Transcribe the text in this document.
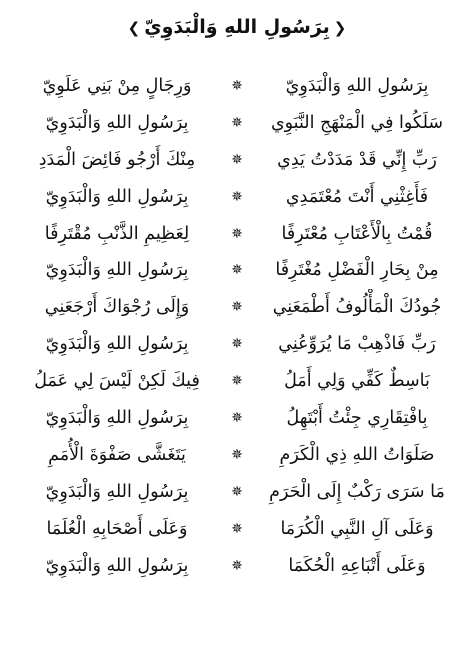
❮بِرَسُولِ اللهِ وَالْبَدَوِيّ❯
بِرَسُولِ اللهِ وَالْبَدَوِيّ
✵
وَرِجَالٍ مِنْ بَنِي عَلَوِيّ
سَلَكُوا فِي الْمَنْهَجِ النَّبَوِي
✵
بِرَسُولِ اللهِ وَالْبَدَوِيّ
رَبِّ إِنِّي قَدْ مَدَدْتُ يَدِي
✵
مِنْكَ أَرْجُو فَائِضَ الْمَدَدِ
فَأَغِثْنِي أَنْتَ مُعْتَمَدِي
✵
بِرَسُولِ اللهِ وَالْبَدَوِيّ
قُمْتُ بِالْأَعْتَابِ مُعْتَرِفًا
✵
لِعَظِيمِ الذَّنْبِ مُقْتَرِفًا
مِنْ بِحَارِ الْفَضْلِ مُغْتَرِفًا
✵
بِرَسُولِ اللهِ وَالْبَدَوِيّ
جُودُكَ الْمَأْلُوفُ أَطْمَعَنِي
✵
وَإِلَى رُجْوَاكَ أَرْجَعَنِي
رَبِّ فَاذْهِبْ مَا يُرَوِّعُنِي
✵
بِرَسُولِ اللهِ وَالْبَدَوِيّ
بَاسِطٌ كَفِّي وَلِي أَمَلُ
✵
فِيكَ لَكِنْ لَيْسَ لِي عَمَلُ
بِافْتِقَارِي جِئْتُ أَبْتَهِلُ
✵
بِرَسُولِ اللهِ وَالْبَدَوِيّ
صَلَوَاتُ اللهِ ذِي الْكَرَمِ
✵
يَتَغَشَّى صَفْوَةَ الْأُمَمِ
مَا سَرَى رَكْبٌ إِلَى الْحَرَمِ
✵
بِرَسُولِ اللهِ وَالْبَدَوِيّ
وَعَلَى آلِ النَّبِي الْكُرَمَا
✵
وَعَلَى أَصْحَابِهِ الْعُلَمَا
وَعَلَى أَتْبَاعِهِ الْحُكَمَا
✵
بِرَسُولِ اللهِ وَالْبَدَوِيّ
